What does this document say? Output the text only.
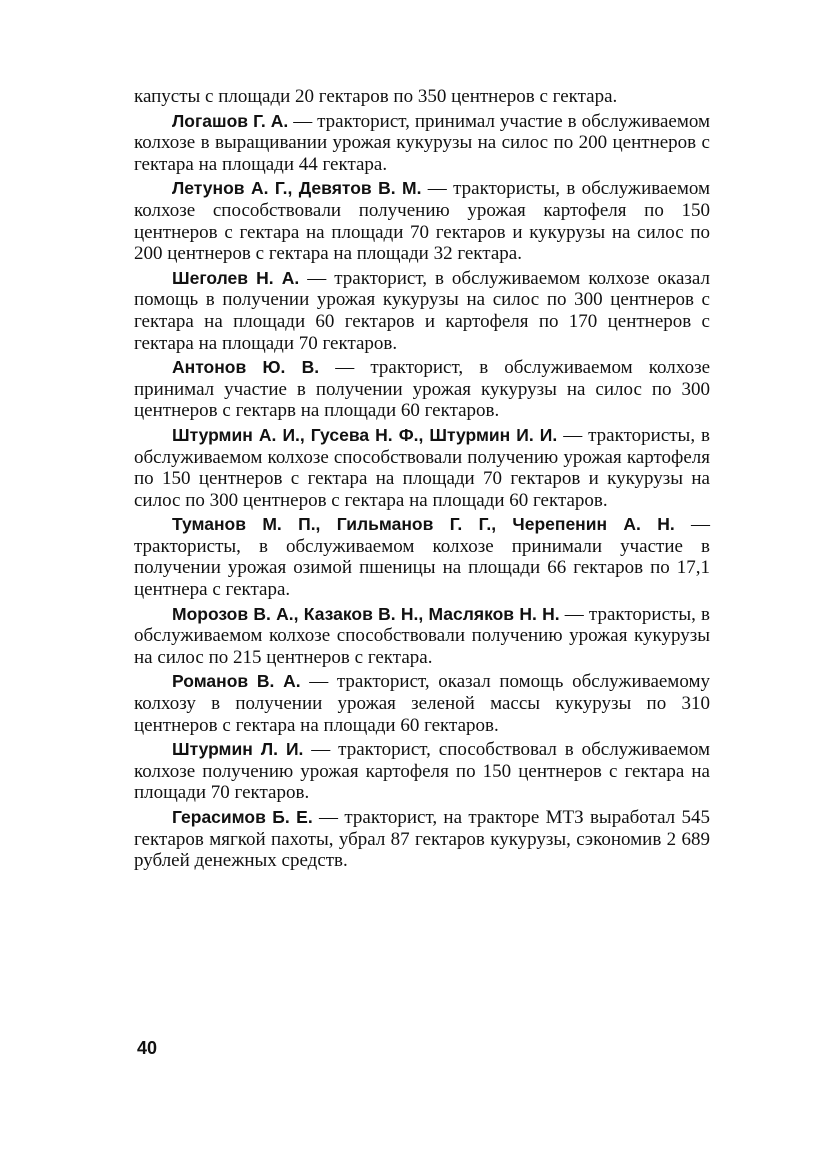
капусты с площади 20 гектаров по 350 центнеров с гектара.

Логашов Г. А. — тракторист, принимал участие в обслуживаемом колхозе в выращивании урожая кукурузы на силос по 200 центнеров с гектара на площади 44 гектара.

Летунов А. Г., Девятов В. М. — трактористы, в обслуживаемом колхозе способствовали получению урожая картофеля по 150 центнеров с гектара на площади 70 гектаров и кукурузы на силос по 200 центнеров с гектара на площади 32 гектара.

Шеголев Н. А. — тракторист, в обслуживаемом колхозе оказал помощь в получении урожая кукурузы на силос по 300 центнеров с гектара на площади 60 гектаров и картофеля по 170 центнеров с гектара на площади 70 гектаров.

Антонов Ю. В. — тракторист, в обслуживаемом колхозе принимал участие в получении урожая кукурузы на силос по 300 центнеров с гектарв на площади 60 гектаров.

Штурмин А. И., Гусева Н. Ф., Штурмин И. И. — трактористы, в обслуживаемом колхозе способствовали получению урожая картофеля по 150 центнеров с гектара на площади 70 гектаров и кукурузы на силос по 300 центнеров с гектара на площади 60 гектаров.

Туманов М. П., Гильманов Г. Г., Черепенин А. Н. — трактористы, в обслуживаемом колхозе принимали участие в получении урожая озимой пшеницы на площади 66 гектаров по 17,1 центнера с гектара.

Морозов В. А., Казаков В. Н., Масляков Н. Н. — трактористы, в обслуживаемом колхозе способствовали получению урожая кукурузы на силос по 215 центнеров с гектара.

Романов В. А. — тракторист, оказал помощь обслуживаемому колхозу в получении урожая зеленой массы кукурузы по 310 центнеров с гектара на площади 60 гектаров.

Штурмин Л. И. — тракторист, способствовал в обслуживаемом колхозе получению урожая картофеля по 150 центнеров с гектара на площади 70 гектаров.

Герасимов Б. Е. — тракторист, на тракторе МТЗ выработал 545 гектаров мягкой пахоты, убрал 87 гектаров кукурузы, сэкономив 2 689 рублей денежных средств.

40
